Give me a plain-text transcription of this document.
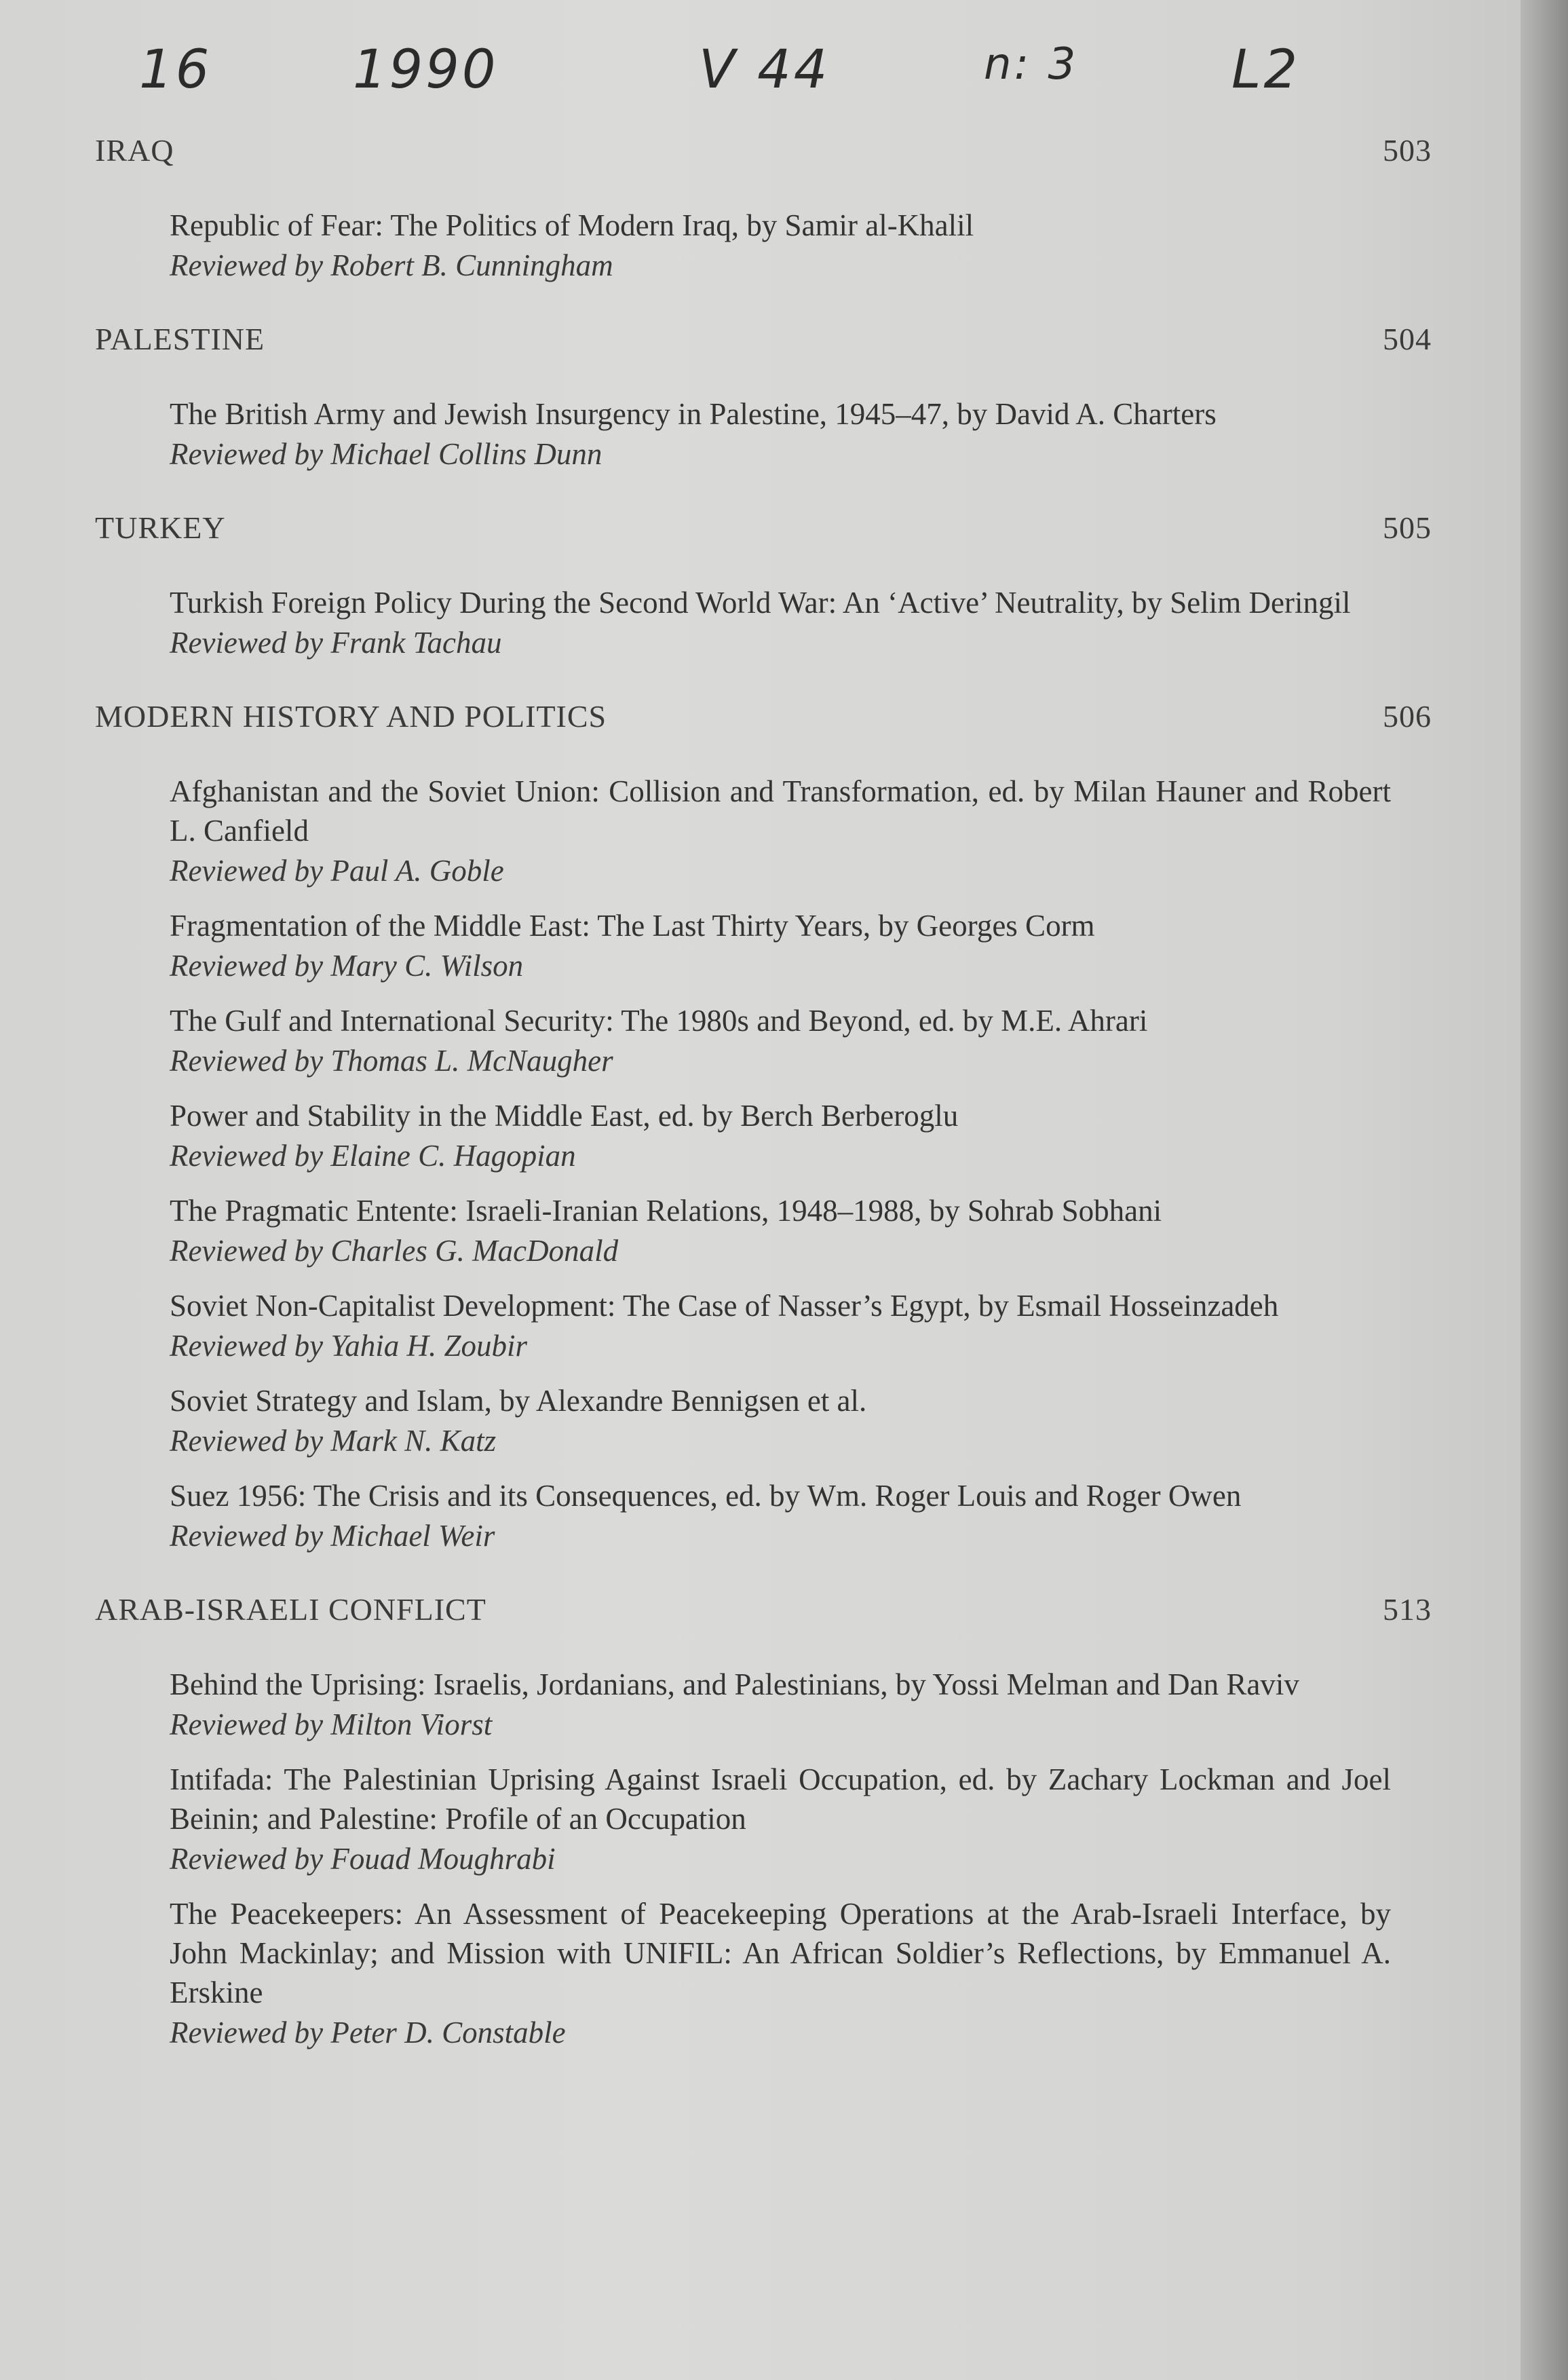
16	1990	V 44	n: 3	L2
IRAQ	503
Republic of Fear: The Politics of Modern Iraq, by Samir al-Khalil
Reviewed by Robert B. Cunningham
PALESTINE	504
The British Army and Jewish Insurgency in Palestine, 1945–47, by David A. Charters
Reviewed by Michael Collins Dunn
TURKEY	505
Turkish Foreign Policy During the Second World War: An ‘Active’ Neutrality, by Selim Deringil
Reviewed by Frank Tachau
MODERN HISTORY AND POLITICS	506
Afghanistan and the Soviet Union: Collision and Transformation, ed. by Milan Hauner and Robert L. Canfield
Reviewed by Paul A. Goble
Fragmentation of the Middle East: The Last Thirty Years, by Georges Corm
Reviewed by Mary C. Wilson
The Gulf and International Security: The 1980s and Beyond, ed. by M.E. Ahrari
Reviewed by Thomas L. McNaugher
Power and Stability in the Middle East, ed. by Berch Berberoglu
Reviewed by Elaine C. Hagopian
The Pragmatic Entente: Israeli-Iranian Relations, 1948–1988, by Sohrab Sobhani
Reviewed by Charles G. MacDonald
Soviet Non-Capitalist Development: The Case of Nasser’s Egypt, by Esmail Hosseinzadeh
Reviewed by Yahia H. Zoubir
Soviet Strategy and Islam, by Alexandre Bennigsen et al.
Reviewed by Mark N. Katz
Suez 1956: The Crisis and its Consequences, ed. by Wm. Roger Louis and Roger Owen
Reviewed by Michael Weir
ARAB-ISRAELI CONFLICT	513
Behind the Uprising: Israelis, Jordanians, and Palestinians, by Yossi Melman and Dan Raviv
Reviewed by Milton Viorst
Intifada: The Palestinian Uprising Against Israeli Occupation, ed. by Zachary Lockman and Joel Beinin; and Palestine: Profile of an Occupation
Reviewed by Fouad Moughrabi
The Peacekeepers: An Assessment of Peacekeeping Operations at the Arab-Israeli Interface, by John Mackinlay; and Mission with UNIFIL: An African Soldier’s Reflections, by Emmanuel A. Erskine
Reviewed by Peter D. Constable
